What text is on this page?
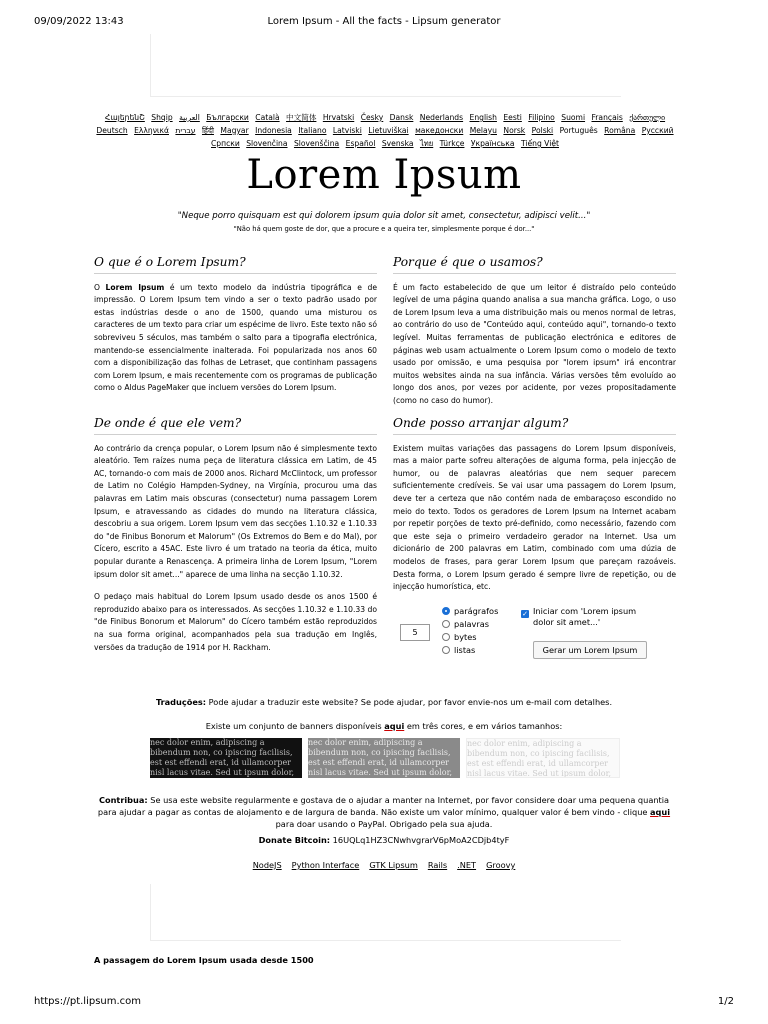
09/09/2022 13:43	Lorem Ipsum - All the facts - Lipsum generator
ՀայերենՇ Shqip العربية Български Català 中文简体 Hrvatski Česky Dansk Nederlands English Eesti Filipino Suomi Français ქართული Deutsch Ελληνικά עברית हिंदी Magyar Indonesia Italiano Latviski Lietuviškai македонски Melayu Norsk Polski Português Româna Pусский Српски Slovenčina Slovenščina Español Svenska ไทย Türkçe Українська Tiếng Việt
Lorem Ipsum
"Neque porro quisquam est qui dolorem ipsum quia dolor sit amet, consectetur, adipisci velit..."
"Não há quem goste de dor, que a procure e a queira ter, simplesmente porque é dor..."
O que é o Lorem Ipsum?

O Lorem Ipsum é um texto modelo da indústria tipográfica e de impressão. O Lorem Ipsum tem vindo a ser o texto padrão usado por estas indústrias desde o ano de 1500, quando uma misturou os caracteres de um texto para criar um espécime de livro. Este texto não só sobreviveu 5 séculos, mas também o salto para a tipografia electrónica, mantendo-se essencialmente inalterada. Foi popularizada nos anos 60 com a disponibilização das folhas de Letraset, que continham passagens com Lorem Ipsum, e mais recentemente com os programas de publicação como o Aldus PageMaker que incluem versões do Lorem Ipsum.

De onde é que ele vem?

Ao contrário da crença popular, o Lorem Ipsum não é simplesmente texto aleatório. Tem raízes numa peça de literatura clássica em Latim, de 45 AC, tornando-o com mais de 2000 anos. Richard McClintock, um professor de Latim no Colégio Hampden-Sydney, na Virgínia, procurou uma das palavras em Latim mais obscuras (consectetur) numa passagem Lorem Ipsum, e atravessando as cidades do mundo na literatura clássica, descobriu a sua origem. Lorem Ipsum vem das secções 1.10.32 e 1.10.33 do "de Finibus Bonorum et Malorum" (Os Extremos do Bem e do Mal), por Cícero, escrito a 45AC. Este livro é um tratado na teoria da ética, muito popular durante a Renascença. A primeira linha de Lorem Ipsum, "Lorem ipsum dolor sit amet..." aparece de uma linha na secção 1.10.32.

O pedaço mais habitual do Lorem Ipsum usado desde os anos 1500 é reproduzido abaixo para os interessados. As secções 1.10.32 e 1.10.33 do "de Finibus Bonorum et Malorum" do Cícero também estão reproduzidos na sua forma original, acompanhados pela sua tradução em Inglês, versões da tradução de 1914 por H. Rackham.

Porque é que o usamos?

É um facto estabelecido de que um leitor é distraído pelo conteúdo legível de uma página quando analisa a sua mancha gráfica. Logo, o uso de Lorem Ipsum leva a uma distribuição mais ou menos normal de letras, ao contrário do uso de "Conteúdo aqui, conteúdo aqui", tornando-o texto legível. Muitas ferramentas de publicação electrónica e editores de páginas web usam actualmente o Lorem Ipsum como o modelo de texto usado por omissão, e uma pesquisa por "lorem ipsum" irá encontrar muitos websites ainda na sua infância. Várias versões têm evoluído ao longo dos anos, por vezes por acidente, por vezes propositadamente (como no caso do humor).

Onde posso arranjar algum?

Existem muitas variações das passagens do Lorem Ipsum disponíveis, mas a maior parte sofreu alterações de alguma forma, pela injecção de humor, ou de palavras aleatórias que nem sequer parecem suficientemente credíveis. Se vai usar uma passagem do Lorem Ipsum, deve ter a certeza que não contém nada de embaraçoso escondido no meio do texto. Todos os geradores de Lorem Ipsum na Internet acabam por repetir porções de texto pré-definido, como necessário, fazendo com que este seja o primeiro verdadeiro gerador na Internet. Usa um dicionário de 200 palavras em Latim, combinado com uma dúzia de modelos de frases, para gerar Lorem Ipsum que pareçam razoáveis. Desta forma, o Lorem Ipsum gerado é sempre livre de repetição, ou de injecção humorística, etc.

5
parágrafos
palavras
bytes
listas
✓ Iniciar com 'Lorem ipsum dolor sit amet...'
Gerar um Lorem Ipsum
Traduções: Pode ajudar a traduzir este website? Se pode ajudar, por favor envie-nos um e-mail com detalhes.
Existe um conjunto de banners disponíveis aqui em três cores, e em vários tamanhos:
nec dolor enim, adipiscing a bibendum non, co ipiscing facilisis, est est effendi erat, id ullamcorper nisl lacus vitae. Sed ut ipsum dolor,
nec dolor enim, adipiscing a bibendum non, co ipiscing facilisis, est est effendi erat, id ullamcorper nisl lacus vitae. Sed ut ipsum dolor,
nec dolor enim, adipiscing a bibendum non, co ipiscing facilisis, est est effendi erat, id ullamcorper nisl lacus vitae. Sed ut ipsum dolor,
Contribua: Se usa este website regularmente e gostava de o ajudar a manter na Internet, por favor considere doar uma pequena quantia para ajudar a pagar as contas de alojamento e de largura de banda. Não existe um valor mínimo, qualquer valor é bem vindo - clique aqui para doar usando o PayPal. Obrigado pela sua ajuda.
Donate Bitcoin: 16UQLq1HZ3CNwhvgrarV6pMoA2CDjb4tyF
NodeJS Python Interface GTK Lipsum Rails .NET Groovy
A passagem do Lorem Ipsum usada desde 1500
https://pt.lipsum.com	1/2
